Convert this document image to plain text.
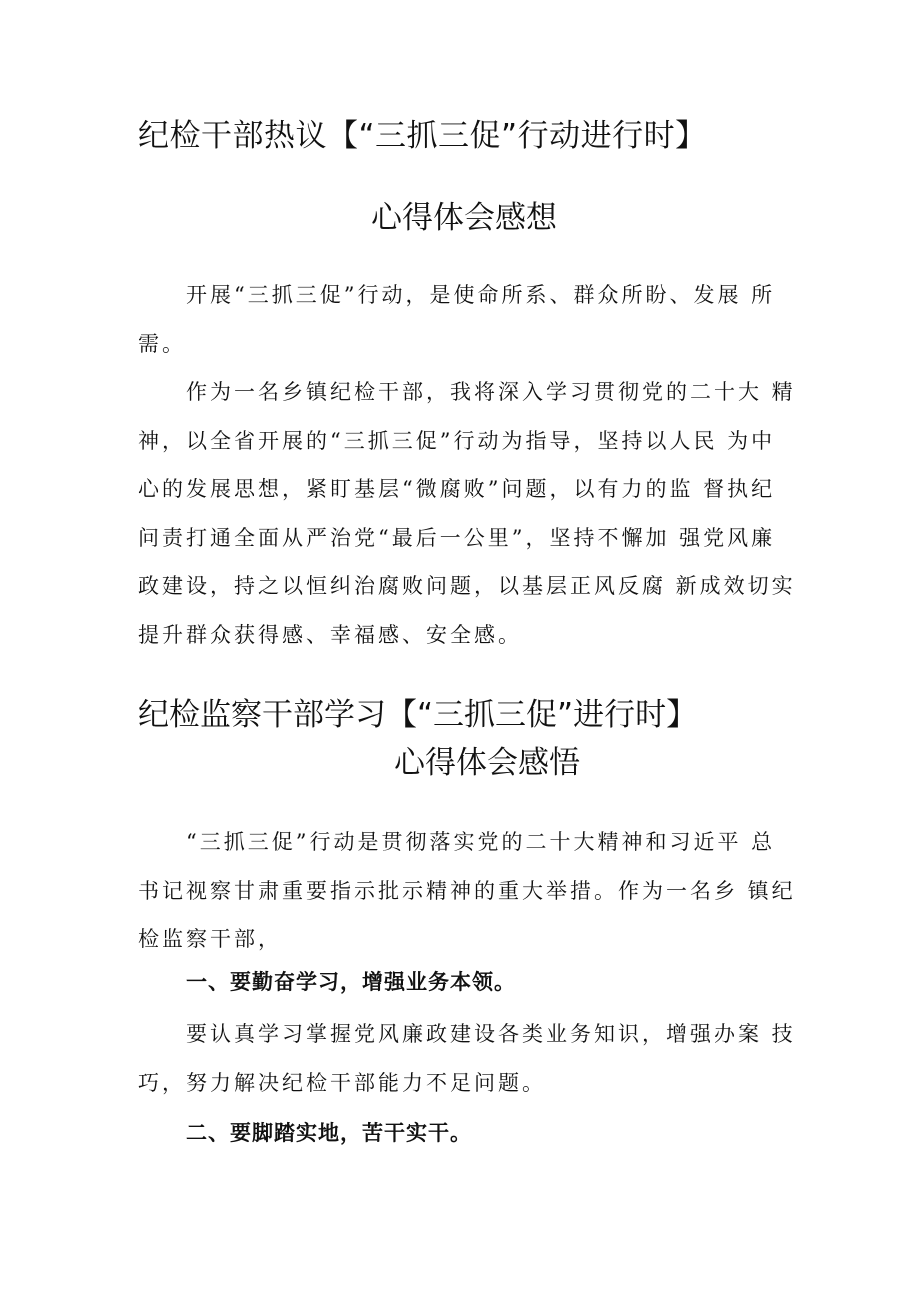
纪检干部热议【“三抓三促”行动进行时】
心得体会感想

　　开展“三抓三促”行动，是使命所系、群众所盼、发展 所
需。

　　作为一名乡镇纪检干部，我将深入学习贯彻党的二十大 精
神，以全省开展的“三抓三促”行动为指导，坚持以人民 为中
心的发展思想，紧盯基层“微腐败”问题，以有力的监 督执纪
问责打通全面从严治党“最后一公里”，坚持不懈加 强党风廉
政建设，持之以恒纠治腐败问题，以基层正风反腐 新成效切实
提升群众获得感、幸福感、安全感。

纪检监察干部学习【“三抓三促”进行时】
心得体会感悟

　　“三抓三促”行动是贯彻落实党的二十大精神和习近平 总
书记视察甘肃重要指示批示精神的重大举措。作为一名乡 镇纪
检监察干部，

一、要勤奋学习，增强业务本领。

　　要认真学习掌握党风廉政建设各类业务知识，增强办案 技
巧，努力解决纪检干部能力不足问题。

二、要脚踏实地，苦干实干。
